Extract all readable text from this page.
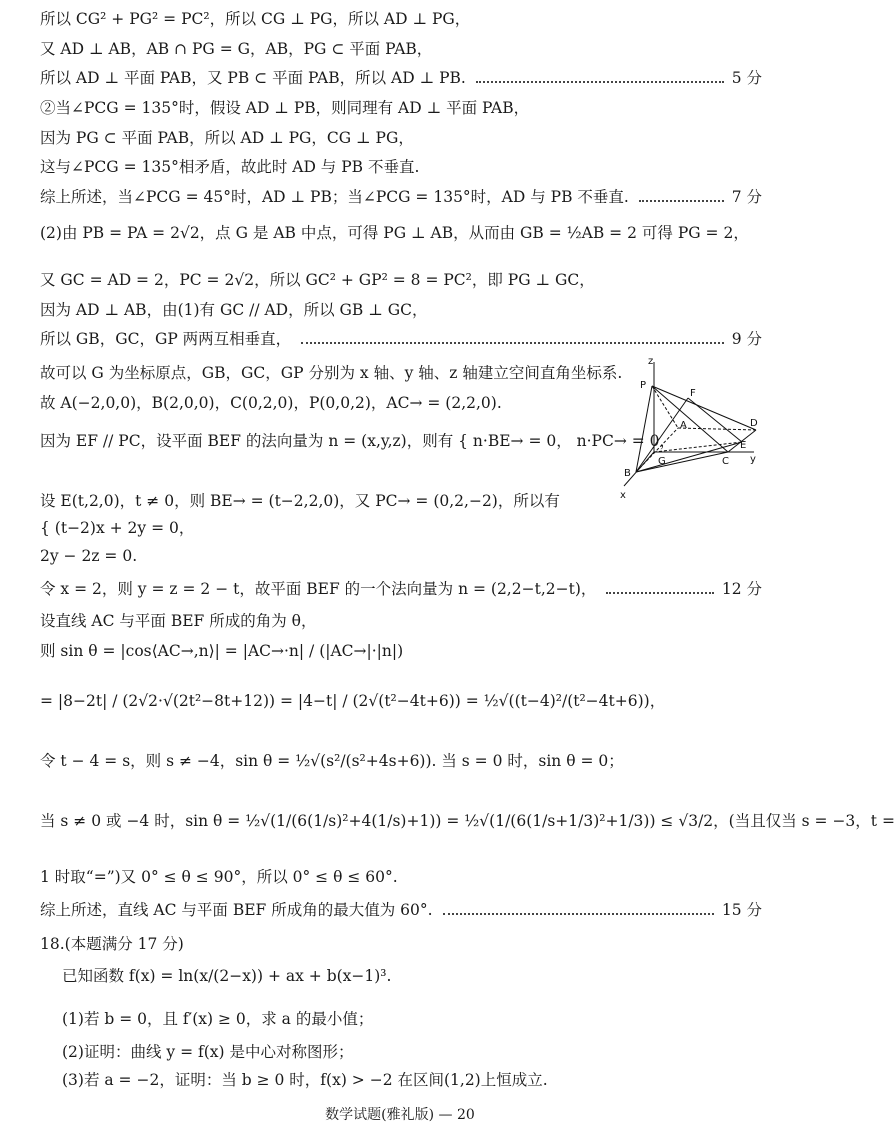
所以 CG² + PG² = PC²，所以 CG ⊥ PG，所以 AD ⊥ PG，
又 AD ⊥ AB，AB ∩ PG = G，AB，PG ⊂ 平面 PAB，
所以 AD ⊥ 平面 PAB，又 PB ⊂ 平面 PAB，所以 AD ⊥ PB.	5 分
②当∠PCG = 135°时，假设 AD ⊥ PB，则同理有 AD ⊥ 平面 PAB，
因为 PG ⊂ 平面 PAB，所以 AD ⊥ PG，CG ⊥ PG，
这与∠PCG = 135°相矛盾，故此时 AD 与 PB 不垂直.
综上所述，当∠PCG = 45°时，AD ⊥ PB；当∠PCG = 135°时，AD 与 PB 不垂直.	7 分
(2)由 PB = PA = 2√2，点 G 是 AB 中点，可得 PG ⊥ AB，从而由 GB = ½AB = 2 可得 PG = 2，
又 GC = AD = 2，PC = 2√2，所以 GC² + GP² = 8 = PC²，即 PG ⊥ GC，
因为 AD ⊥ AB，由(1)有 GC // AD，所以 GB ⊥ GC，
所以 GB，GC，GP 两两互相垂直，	9 分
故可以 G 为坐标原点，GB，GC，GP 分别为 x 轴、y 轴、z 轴建立空间直角坐标系.
故 A(−2,0,0)，B(2,0,0)，C(0,2,0)，P(0,0,2)，AC→ = (2,2,0).
因为 EF // PC，设平面 BEF 的法向量为 n = (x,y,z)，则有 { n·BE→ = 0， n·PC→ = 0，
设 E(t,2,0)，t ≠ 0，则 BE→ = (t−2,2,0)，又 PC→ = (0,2,−2)，所以有
{ (t−2)x + 2y = 0，
2y − 2z = 0.
令 x = 2，则 y = z = 2 − t，故平面 BEF 的一个法向量为 n = (2,2−t,2−t)，	12 分
设直线 AC 与平面 BEF 所成的角为 θ，
则 sin θ = |cos⟨AC→,n⟩| = |AC→·n| / (|AC→|·|n|)
= |8−2t| / (2√2·√(2t²−8t+12)) = |4−t| / (2√(t²−4t+6)) = ½√((t−4)²/(t²−4t+6))，
令 t − 4 = s，则 s ≠ −4，sin θ = ½√(s²/(s²+4s+6)). 当 s = 0 时，sin θ = 0；
当 s ≠ 0 或 −4 时，sin θ = ½√(1/(6(1/s)²+4(1/s)+1)) = ½√(1/(6(1/s+1/3)²+1/3)) ≤ √3/2，(当且仅当 s = −3，t =
1 时取“=”)又 0° ≤ θ ≤ 90°，所以 0° ≤ θ ≤ 60°.
综上所述，直线 AC 与平面 BEF 所成角的最大值为 60°.	15 分
18.(本题满分 17 分)
已知函数 f(x) = ln(x/(2−x)) + ax + b(x−1)³.
(1)若 b = 0，且 f′(x) ≥ 0，求 a 的最小值；
(2)证明：曲线 y = f(x) 是中心对称图形；
(3)若 a = −2，证明：当 b ≥ 0 时，f(x) > −2 在区间(1,2)上恒成立.
z
P
F
A	D
E
G	C y
B
x
数学试题(雅礼版) — 20
